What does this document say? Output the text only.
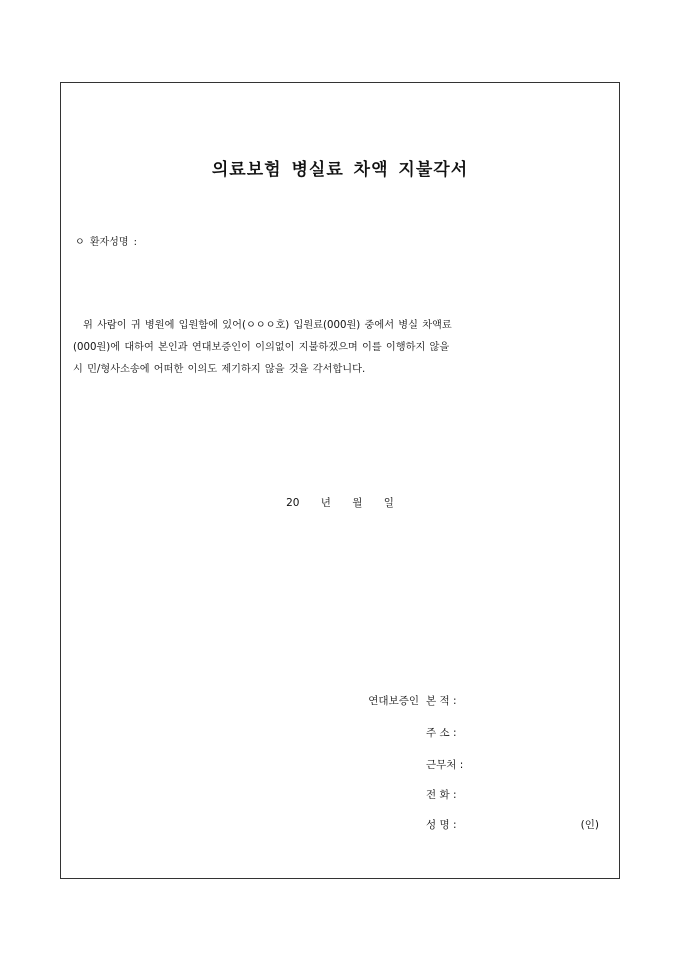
의료보험 병실료 차액 지불각서
ㅇ 환자성명 :
위 사람이 귀 병원에 입원함에 있어(ㅇㅇㅇ호) 입원료(000원) 중에서 병실 차액료
(000원)에 대하여 본인과 연대보증인이 이의없이 지불하겠으며 이를 이행하지 않을
시 민/형사소송에 어떠한 이의도 제기하지 않을 것을 각서합니다.
20 년 월 일
연대보증인 본 적 :
주 소 :
근무처 :
전 화 :
성 명 :	(인)
